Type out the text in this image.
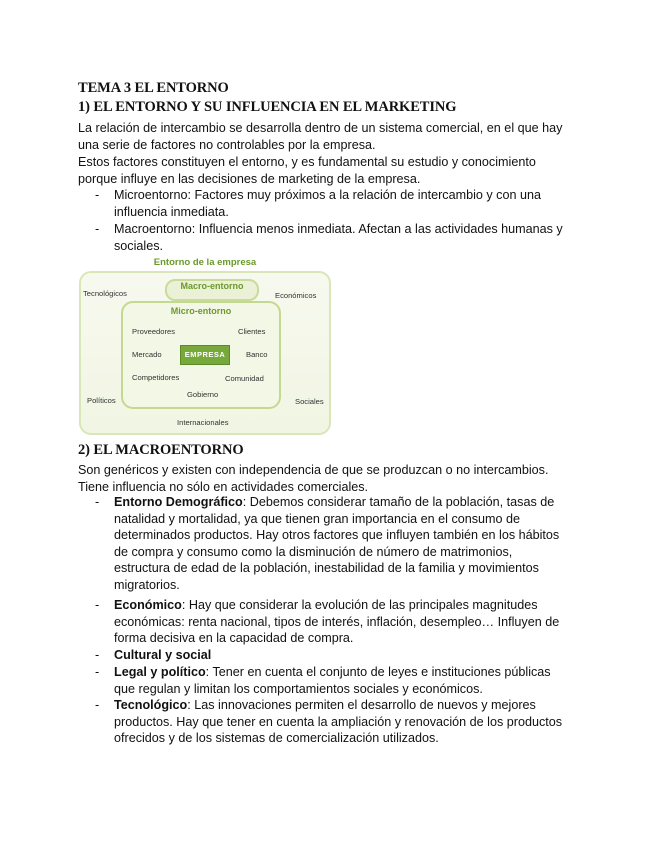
TEMA 3 EL ENTORNO
1) EL ENTORNO Y SU INFLUENCIA EN EL MARKETING
La relación de intercambio se desarrolla dentro de un sistema comercial, en el que hay
una serie de factores no controlables por la empresa.
Estos factores constituyen el entorno, y es fundamental su estudio y conocimiento
porque influye en las decisiones de marketing de la empresa.
- Microentorno: Factores muy próximos a la relación de intercambio y con una
influencia inmediata.
- Macroentorno: Influencia menos inmediata. Afectan a las actividades humanas y
sociales.
Entorno de la empresa
Macro-entorno
Micro-entorno
EMPRESA
Tecnológicos	Económicos
Políticos	Sociales
Internacionales
Proveedores	Clientes
Mercado	Banco
Competidores	Comunidad
Gobierno
2) EL MACROENTORNO
Son genéricos y existen con independencia de que se produzcan o no intercambios.
Tiene influencia no sólo en actividades comerciales.
- Entorno Demográfico: Debemos considerar tamaño de la población, tasas de
natalidad y mortalidad, ya que tienen gran importancia en el consumo de
determinados productos. Hay otros factores que influyen también en los hábitos
de compra y consumo como la disminución de número de matrimonios,
estructura de edad de la población, inestabilidad de la familia y movimientos
migratorios.
- Económico: Hay que considerar la evolución de las principales magnitudes
económicas: renta nacional, tipos de interés, inflación, desempleo… Influyen de
forma decisiva en la capacidad de compra.
- Cultural y social
- Legal y político: Tener en cuenta el conjunto de leyes e instituciones públicas
que regulan y limitan los comportamientos sociales y económicos.
- Tecnológico: Las innovaciones permiten el desarrollo de nuevos y mejores
productos. Hay que tener en cuenta la ampliación y renovación de los productos
ofrecidos y de los sistemas de comercialización utilizados.
